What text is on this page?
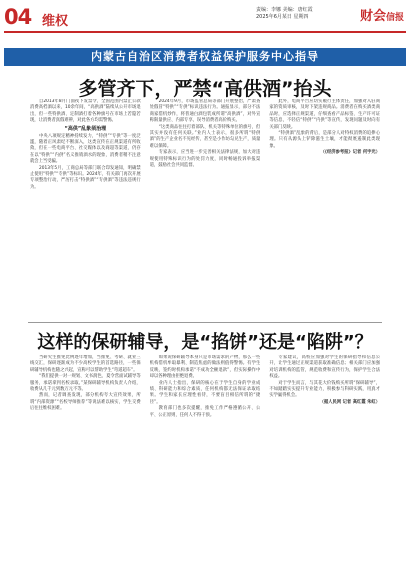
04 维权
责编：李娜 美编：唐红霞
2025年6月某日 星期四	财会信报
内蒙古自治区消费者权益保护服务中心指导
多管齐下，严禁“高供酒”抬头

自2013年8月门面夜下发禁令，全国范围内禁止公款消费高档酒以来，10余年间，“高供酒”陆续从公开市场退出，但一些特供酒、定制酒打着各种旗号在市场上若隐若现，让消费者真假难辨，对此各方均需警惕。

“高供”乱象须治理

中央八项规定精神持续发力，“特供”“专供”等一度泛滥，随着正风肃纪不断深入，这类宣传在正规渠道有所收敛，但在一些电商平台、社交媒体以及商超等渠道，仍存在以“特供”“内供”名义推销酒水的现象，消费者稍不注意就会上当受骗。

2013年5月，工商总局等部门联合印发通知，明确禁止使用“特供”“专供”等标识。2024年，有关部门再次开展专项整治行动，严厉打击“特供酒”“专供酒”等违法违规行为。

2024年9月，市场监管总局等部门开展整治，严肃查处假冒“特供”“专供”标识违法行为。通报显示，部分不法商家借机炒作，将普通白酒包装成所谓“高供酒”，对外宣称限量供应、内部专享，误导消费者高价购买。

“这类商品往往打着部队、机关等特殊单位的旗号，但其实并没有任何关联。”业内人士表示，很多所谓“特供酒”的生产企业名不见经传，甚至是小作坊勾兑生产，质量难以保障。

专家表示，应当进一步完善相关法律法规，加大对违规使用特殊标识行为的处罚力度，同时畅通投诉举报渠道，鼓励社会共同监督。

此外，电商平台应切实履行主体责任，加强对入驻商家的资质审核，及时下架违规商品。消费者在购买酒类商品时，应选择正规渠道，仔细查看产品标签、生产许可证等信息，不轻信“特供”“内供”等宣传，发现问题及时向有关部门反映。

“特供酒”乱象的背后，是部分人对特权消费的追捧心理。只有从源头上铲除滋生土壤，才能彻底遏制此类现象。

（《经济参考报》记者 何宇光）

这样的保研辅导，是“掐饼”还是“陷阱”？

当研究生推免比例逐年增加，当推免、考研、就业三线交汇，保研逐渐成为不少高校学生的首选路径，一些保研辅导机构也随之兴起，宣称可以帮助学生“弯道超车”。

“我们提供一对一规划、文书润色、夏令营面试辅导等服务，承诺拿到名校录取。”某保研辅导机构负责人介绍，收费从几千元到数万元不等。

然而，记者调查发现，部分机构夸大宣传效果，所谓“内部资源”“名校导师推荐”等说法难以核实，学生交费后往往维权困难。

如果说保研辅导本身只是市场需求的产物，那么一些机构借机牟取暴利、制造焦虑的做法则值得警惕。有学生反映，签约时机构承诺“不成功全额退款”，但实际操作中却以各种理由拒绝退费。

业内人士指出，保研的核心在于学生自身的学业成绩、科研能力和综合素质，任何机构都无法保证录取结果。学生和家长应理性看待，不要盲目相信所谓的“捷径”。

教育部门也多次提醒，推免工作严格遵循公开、公平、公正原则，任何人不得干预。

专家建议，高校应加强对学生的保研指导和信息公开，让学生通过正规渠道获取准确信息；相关部门应加强对培训机构的监管，规范收费和宣传行为，保护学生合法权益。

对于学生而言，与其花大价钱购买所谓“保研辅导”，不如踏踏实实提升专业能力，积极参与科研实践，用真才实学赢得机会。

（据人民网 记者 高红霞 朱虹）
